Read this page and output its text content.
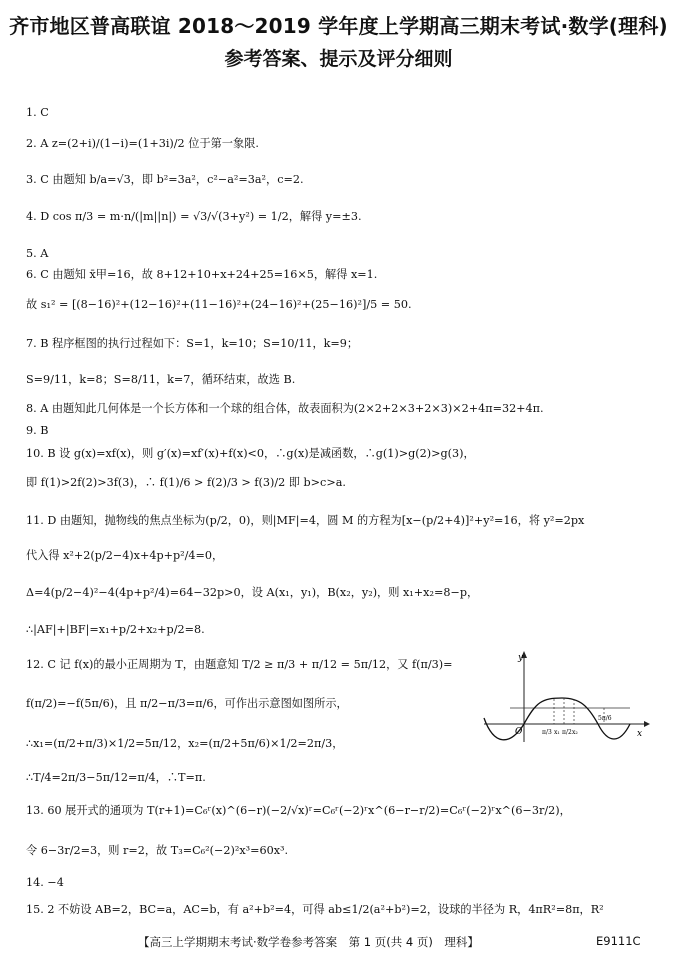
齐市地区普高联谊 2018～2019 学年度上学期高三期末考试·数学(理科)
参考答案、提示及评分细则
1. C
2. A z=(2+i)/(1−i)=(1+3i)/2 位于第一象限.
3. C 由题知 b/a=√3，即 b²=3a²，c²−a²=3a²，c=2.
4. D cos π/3 = m·n/(|m||n|) = √3/√(3+y²) = 1/2，解得 y=±3.
5. A
6. C 由题知 x̄甲=16，故 8+12+10+x+24+25=16×5，解得 x=1.
故 s₁² = [(8−16)²+(12−16)²+(11−16)²+(24−16)²+(25−16)²]/5 = 50.
7. B 程序框图的执行过程如下：S=1，k=10；S=10/11，k=9；
S=9/11，k=8；S=8/11，k=7，循环结束，故选 B.
8. A 由题知此几何体是一个长方体和一个球的组合体，故表面积为(2×2+2×3+2×3)×2+4π=32+4π.
9. B
10. B 设 g(x)=xf(x)，则 g′(x)=xf′(x)+f(x)<0，∴g(x)是减函数，∴g(1)>g(2)>g(3)，
即 f(1)>2f(2)>3f(3)，∴ f(1)/6 > f(2)/3 > f(3)/2 即 b>c>a.
11. D 由题知，抛物线的焦点坐标为(p/2，0)，则|MF|=4，圆 M 的方程为[x−(p/2+4)]²+y²=16，将 y²=2px
代入得 x²+2(p/2−4)x+4p+p²/4=0，
Δ=4(p/2−4)²−4(4p+p²/4)=64−32p>0，设 A(x₁，y₁)，B(x₂，y₂)，则 x₁+x₂=8−p，
∴|AF|+|BF|=x₁+p/2+x₂+p/2=8.
12. C 记 f(x)的最小正周期为 T，由题意知 T/2 ≥ π/3 + π/12 = 5π/12，又 f(π/3)=
f(π/2)=−f(5π/6)，且 π/2−π/3=π/6，可作出示意图如图所示，
∴x₁=(π/2+π/3)×1/2=5π/12，x₂=(π/2+5π/6)×1/2=2π/3，
∴T/4=2π/3−5π/12=π/4，∴T=π.
13. 60 展开式的通项为 T(r+1)=C₆ʳ(x)^(6−r)(−2/√x)ʳ=C₆ʳ(−2)ʳx^(6−r−r/2)=C₆ʳ(−2)ʳx^(6−3r/2)，
令 6−3r/2=3，则 r=2，故 T₃=C₆²(−2)²x³=60x³.
14. −4
15. 2 不妨设 AB=2，BC=a，AC=b，有 a²+b²=4，可得 ab≤1/2(a²+b²)=2，设球的半径为 R，4πR²=8π，R²
y
x
O	π/3 x₁ π/2 x₂
5π/6
【高三上学期期末考试·数学卷参考答案　第 1 页(共 4 页)　理科】	E9111C
